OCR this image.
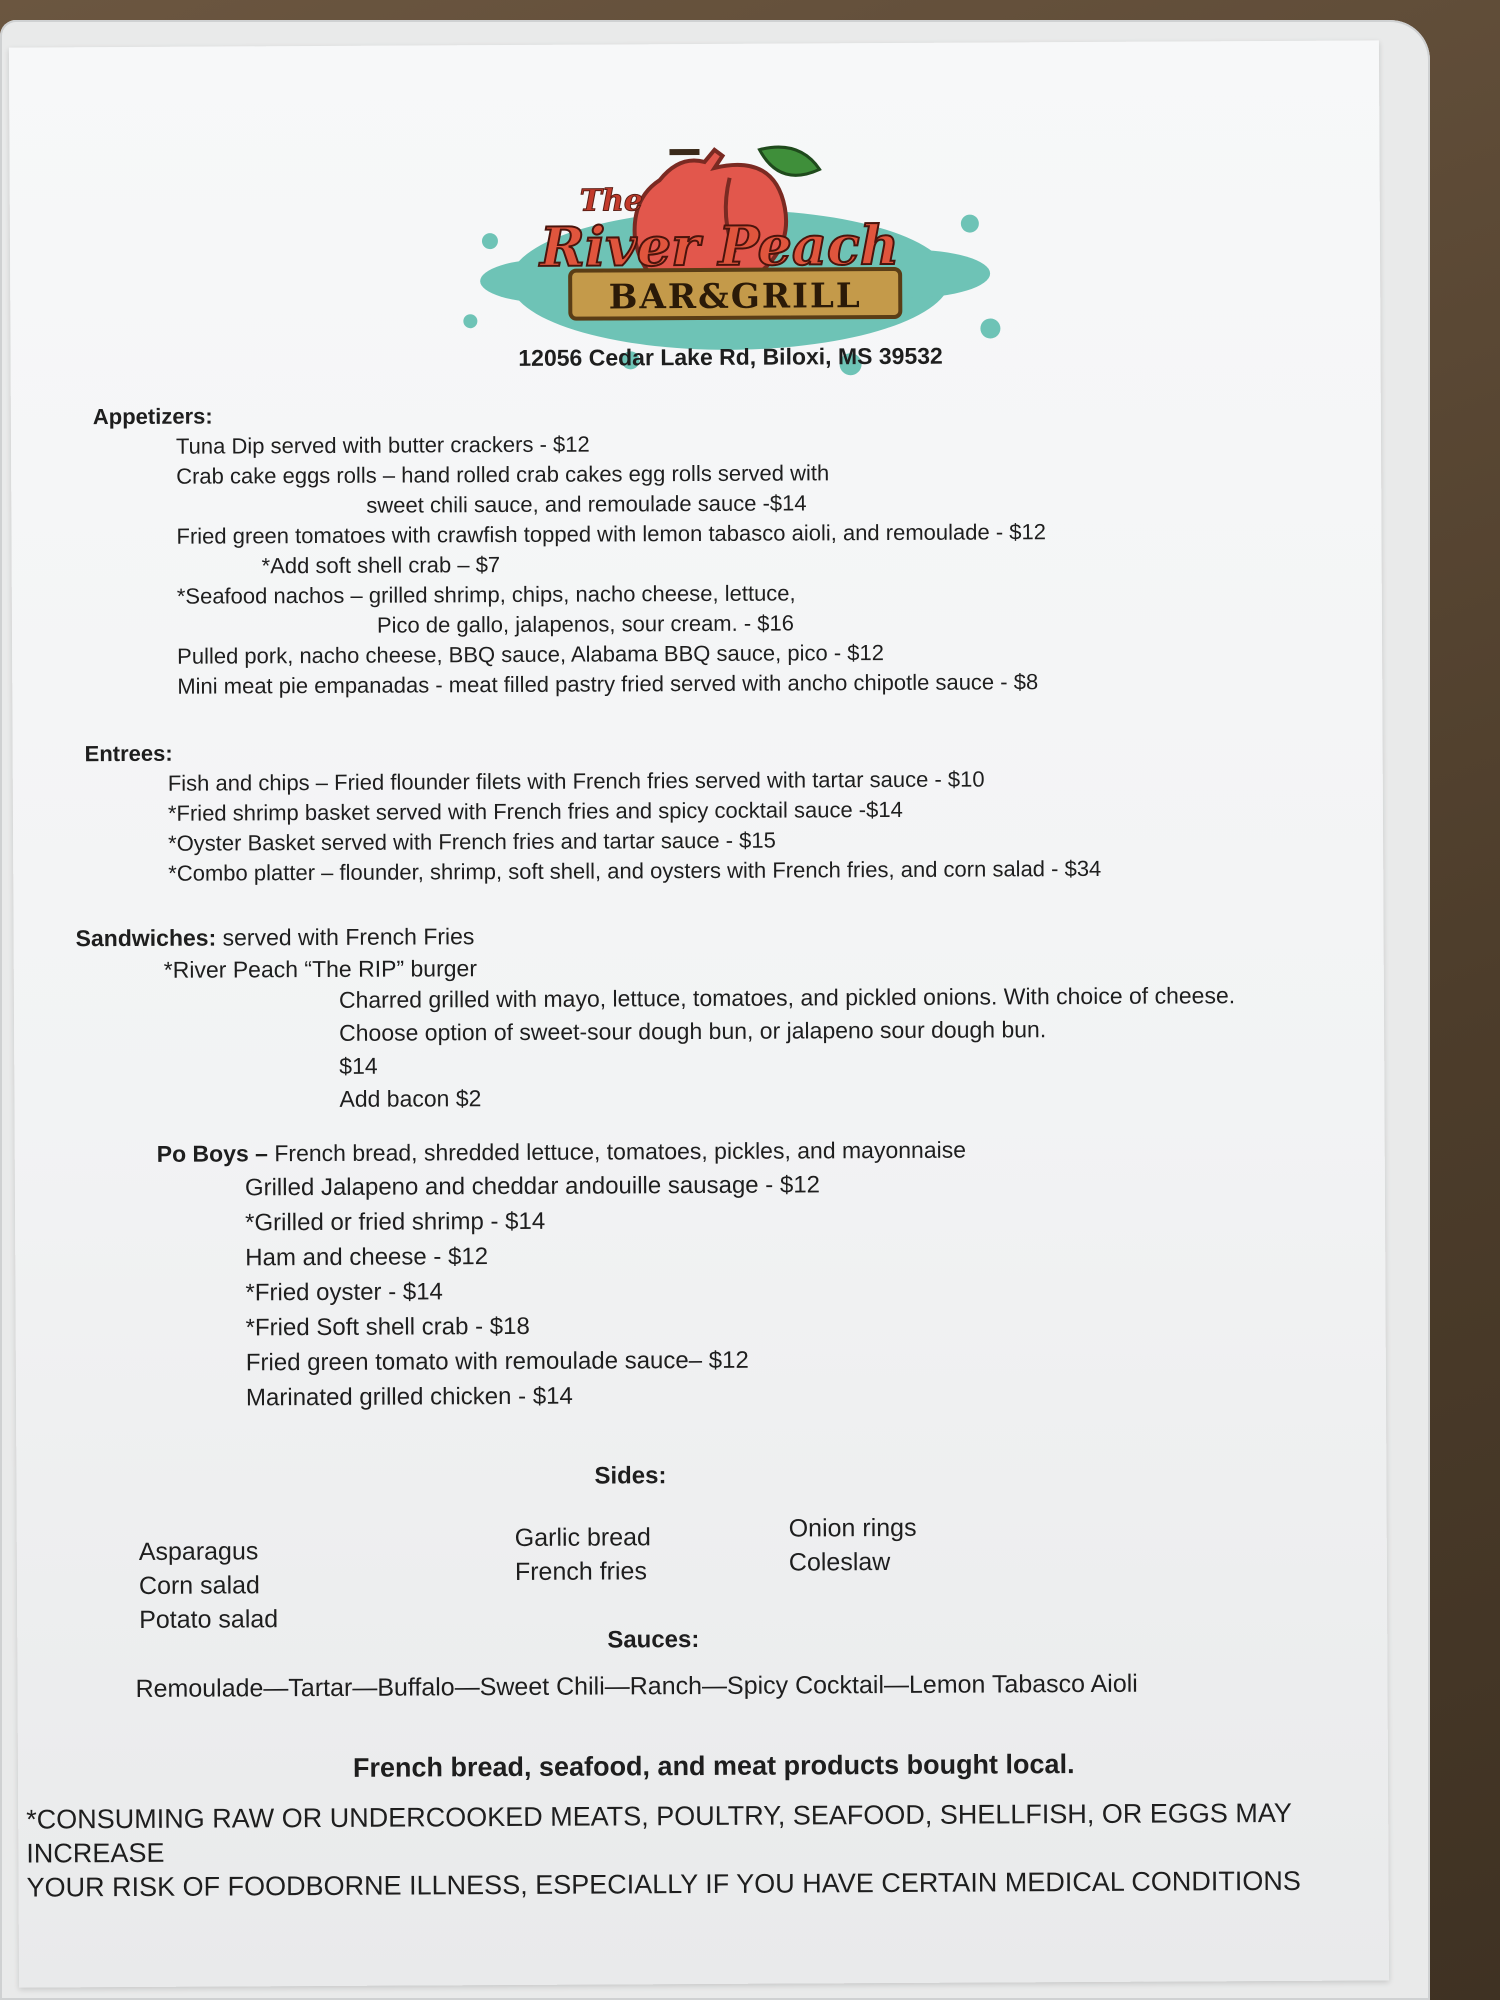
The
River Peach
BAR&GRILL
12056 Cedar Lake Rd, Biloxi, MS 39532
Appetizers:
Tuna Dip served with butter crackers - $12
Crab cake eggs rolls – hand rolled crab cakes egg rolls served with
sweet chili sauce, and remoulade sauce -$14
Fried green tomatoes with crawfish topped with lemon tabasco aioli, and remoulade - $12
*Add soft shell crab – $7
*Seafood nachos – grilled shrimp, chips, nacho cheese, lettuce,
Pico de gallo, jalapenos, sour cream. - $16
Pulled pork, nacho cheese, BBQ sauce, Alabama BBQ sauce, pico - $12
Mini meat pie empanadas - meat filled pastry fried served with ancho chipotle sauce - $8
Entrees:
Fish and chips – Fried flounder filets with French fries served with tartar sauce - $10
*Fried shrimp basket served with French fries and spicy cocktail sauce -$14
*Oyster Basket served with French fries and tartar sauce - $15
*Combo platter – flounder, shrimp, soft shell, and oysters with French fries, and corn salad - $34
Sandwiches: served with French Fries
*River Peach “The RIP” burger
Charred grilled with mayo, lettuce, tomatoes, and pickled onions. With choice of cheese.
Choose option of sweet-sour dough bun, or jalapeno sour dough bun.
$14
Add bacon $2
Po Boys – French bread, shredded lettuce, tomatoes, pickles, and mayonnaise
Grilled Jalapeno and cheddar andouille sausage - $12
*Grilled or fried shrimp - $14
Ham and cheese - $12
*Fried oyster - $14
*Fried Soft shell crab - $18
Fried green tomato with remoulade sauce– $12
Marinated grilled chicken - $14
Sides:
Asparagus
Corn salad
Potato salad
Garlic bread
French fries
Onion rings
Coleslaw
Sauces:
Remoulade—Tartar—Buffalo—Sweet Chili—Ranch—Spicy Cocktail—Lemon Tabasco Aioli
French bread, seafood, and meat products bought local.
*CONSUMING RAW OR UNDERCOOKED MEATS, POULTRY, SEAFOOD, SHELLFISH, OR EGGS MAY INCREASE
YOUR RISK OF FOODBORNE ILLNESS, ESPECIALLY IF YOU HAVE CERTAIN MEDICAL CONDITIONS
